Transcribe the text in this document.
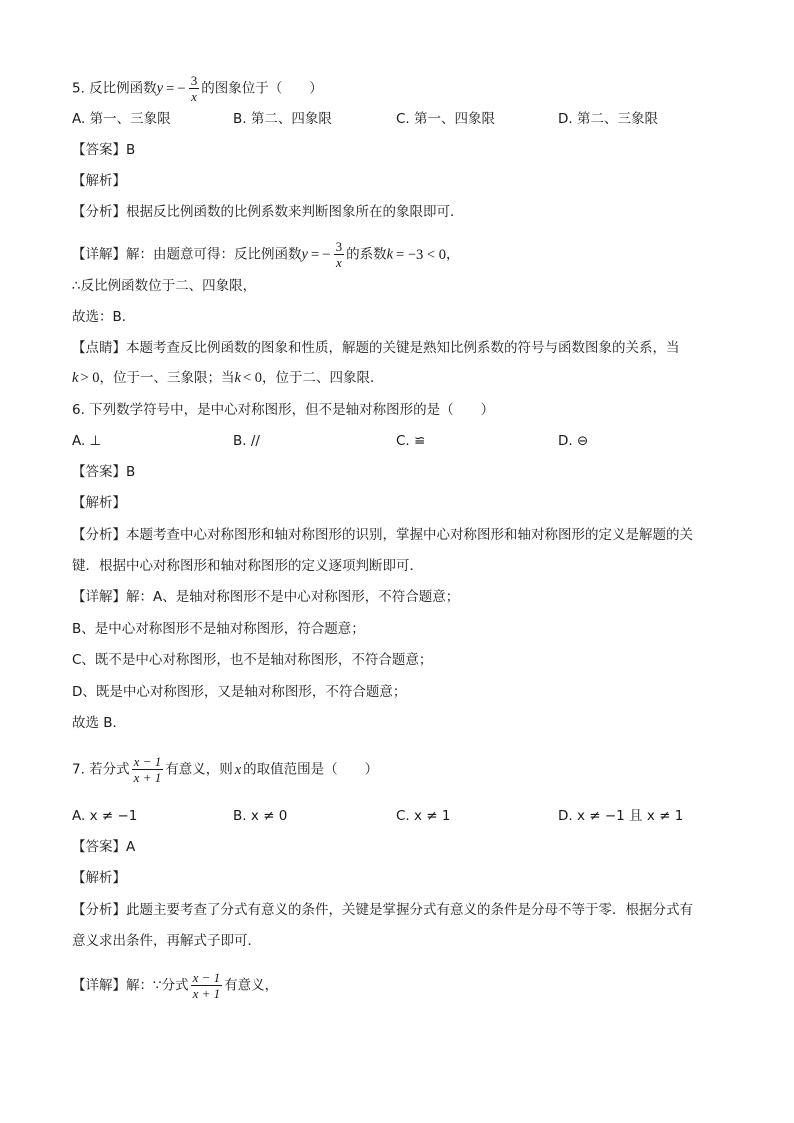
5. 反比例函数y = − $\frac{3}{x}$ 的图象位于（　　）
A. 第一、三象限	B. 第二、四象限	C. 第一、四象限	D. 第二、三象限
【答案】B
【解析】
【分析】根据反比例函数的比例系数来判断图象所在的象限即可．
【详解】解：由题意可得：反比例函数y = − $\frac{3}{x}$ 的系数k = −3 < 0，
∴反比例函数位于二、四象限，
故选：B．
【点睛】本题考查反比例函数的图象和性质，解题的关键是熟知比例系数的符号与函数图象的关系，当
k > 0，位于一、三象限；当k < 0，位于二、四象限．
6. 下列数学符号中，是中心对称图形，但不是轴对称图形的是（　　）
A. ⊥	B. //	C. ≌	D. ⊖
【答案】B
【解析】
【分析】本题考查中心对称图形和轴对称图形的识别，掌握中心对称图形和轴对称图形的定义是解题的关
键．根据中心对称图形和轴对称图形的定义逐项判断即可．
【详解】解：A、是轴对称图形不是中心对称图形，不符合题意；
B、是中心对称图形不是轴对称图形，符合题意；
C、既不是中心对称图形，也不是轴对称图形，不符合题意；
D、既是中心对称图形，又是轴对称图形，不符合题意；
故选 B．
7. 若分式 $\frac{x - 1}{x + 1}$ 有意义，则 x 的取值范围是（　　）
A. x ≠ −1	B. x ≠ 0	C. x ≠ 1	D. x ≠ −1 且 x ≠ 1
【答案】A
【解析】
【分析】此题主要考查了分式有意义的条件，关键是掌握分式有意义的条件是分母不等于零．根据分式有
意义求出条件，再解式子即可．
【详解】解：∵分式 $\frac{x - 1}{x + 1}$ 有意义，
